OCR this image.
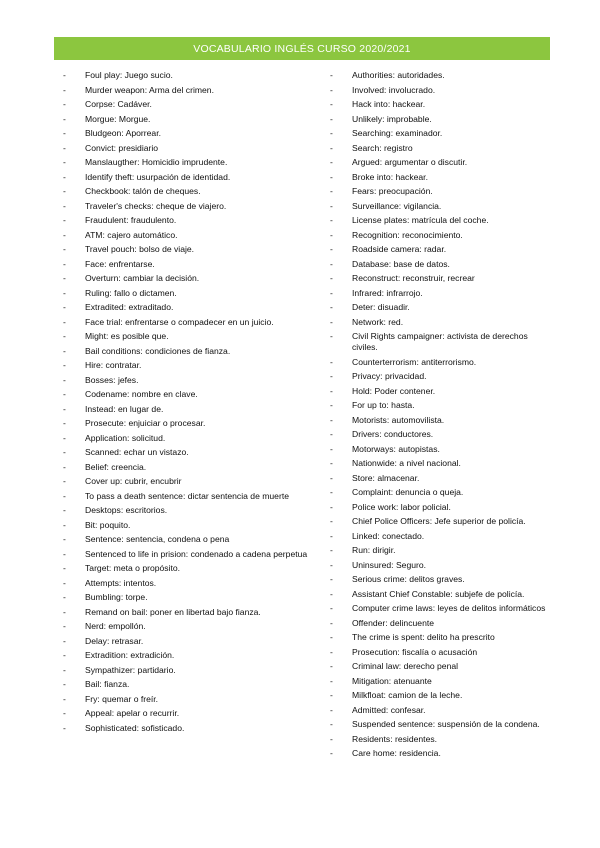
VOCABULARIO INGLÉS CURSO 2020/2021
- Foul play: Juego sucio.
- Murder weapon: Arma del crimen.
- Corpse: Cadáver.
- Morgue: Morgue.
- Bludgeon: Aporrear.
- Convict: presidiario
- Manslaugther: Homicidio imprudente.
- Identify theft: usurpación de identidad.
- Checkbook: talón de cheques.
- Traveler's checks: cheque de viajero.
- Fraudulent: fraudulento.
- ATM: cajero automático.
- Travel pouch: bolso de viaje.
- Face: enfrentarse.
- Overturn: cambiar la decisión.
- Ruling: fallo o dictamen.
- Extradited: extraditado.
- Face trial: enfrentarse o compadecer en un juicio.
- Might: es posible que.
- Bail conditions: condiciones de fianza.
- Hire: contratar.
- Bosses: jefes.
- Codename: nombre en clave.
- Instead: en lugar de.
- Prosecute: enjuiciar o procesar.
- Application: solicitud.
- Scanned: echar un vistazo.
- Belief: creencia.
- Cover up: cubrir, encubrir
- To pass a death sentence: dictar sentencia de muerte
- Desktops: escritorios.
- Bit: poquito.
- Sentence: sentencia, condena o pena
- Sentenced to life in prision: condenado a cadena perpetua
- Target: meta o propósito.
- Attempts: intentos.
- Bumbling: torpe.
- Remand on bail: poner en libertad bajo fianza.
- Nerd: empollón.
- Delay: retrasar.
- Extradition: extradición.
- Sympathizer: partidario.
- Bail: fianza.
- Fry: quemar o freír.
- Appeal: apelar o recurrir.
- Sophisticated: sofisticado.
- Authorities: autoridades.
- Involved: involucrado.
- Hack into: hackear.
- Unlikely: improbable.
- Searching: examinador.
- Search: registro
- Argued: argumentar o discutir.
- Broke into: hackear.
- Fears: preocupación.
- Surveillance: vigilancia.
- License plates: matrícula del coche.
- Recognition: reconocimiento.
- Roadside camera: radar.
- Database: base de datos.
- Reconstruct: reconstruir, recrear
- Infrared: infrarrojo.
- Deter: disuadir.
- Network: red.
- Civil Rights campaigner: activista de derechos civiles.
- Counterterrorism: antiterrorismo.
- Privacy: privacidad.
- Hold: Poder contener.
- For up to: hasta.
- Motorists: automovilista.
- Drivers: conductores.
- Motorways: autopistas.
- Nationwide: a nivel nacional.
- Store: almacenar.
- Complaint: denuncia o queja.
- Police work: labor policial.
- Chief Police Officers: Jefe superior de policía.
- Linked: conectado.
- Run: dirigir.
- Uninsured: Seguro.
- Serious crime: delitos graves.
- Assistant Chief Constable: subjefe de policía.
- Computer crime laws: leyes de delitos informáticos
- Offender: delincuente
- The crime is spent: delito ha prescrito
- Prosecution: fiscalía o acusación
- Criminal law: derecho penal
- Mitigation: atenuante
- Milkfloat: camion de la leche.
- Admitted: confesar.
- Suspended sentence: suspensión de la condena.
- Residents: residentes.
- Care home: residencia.
